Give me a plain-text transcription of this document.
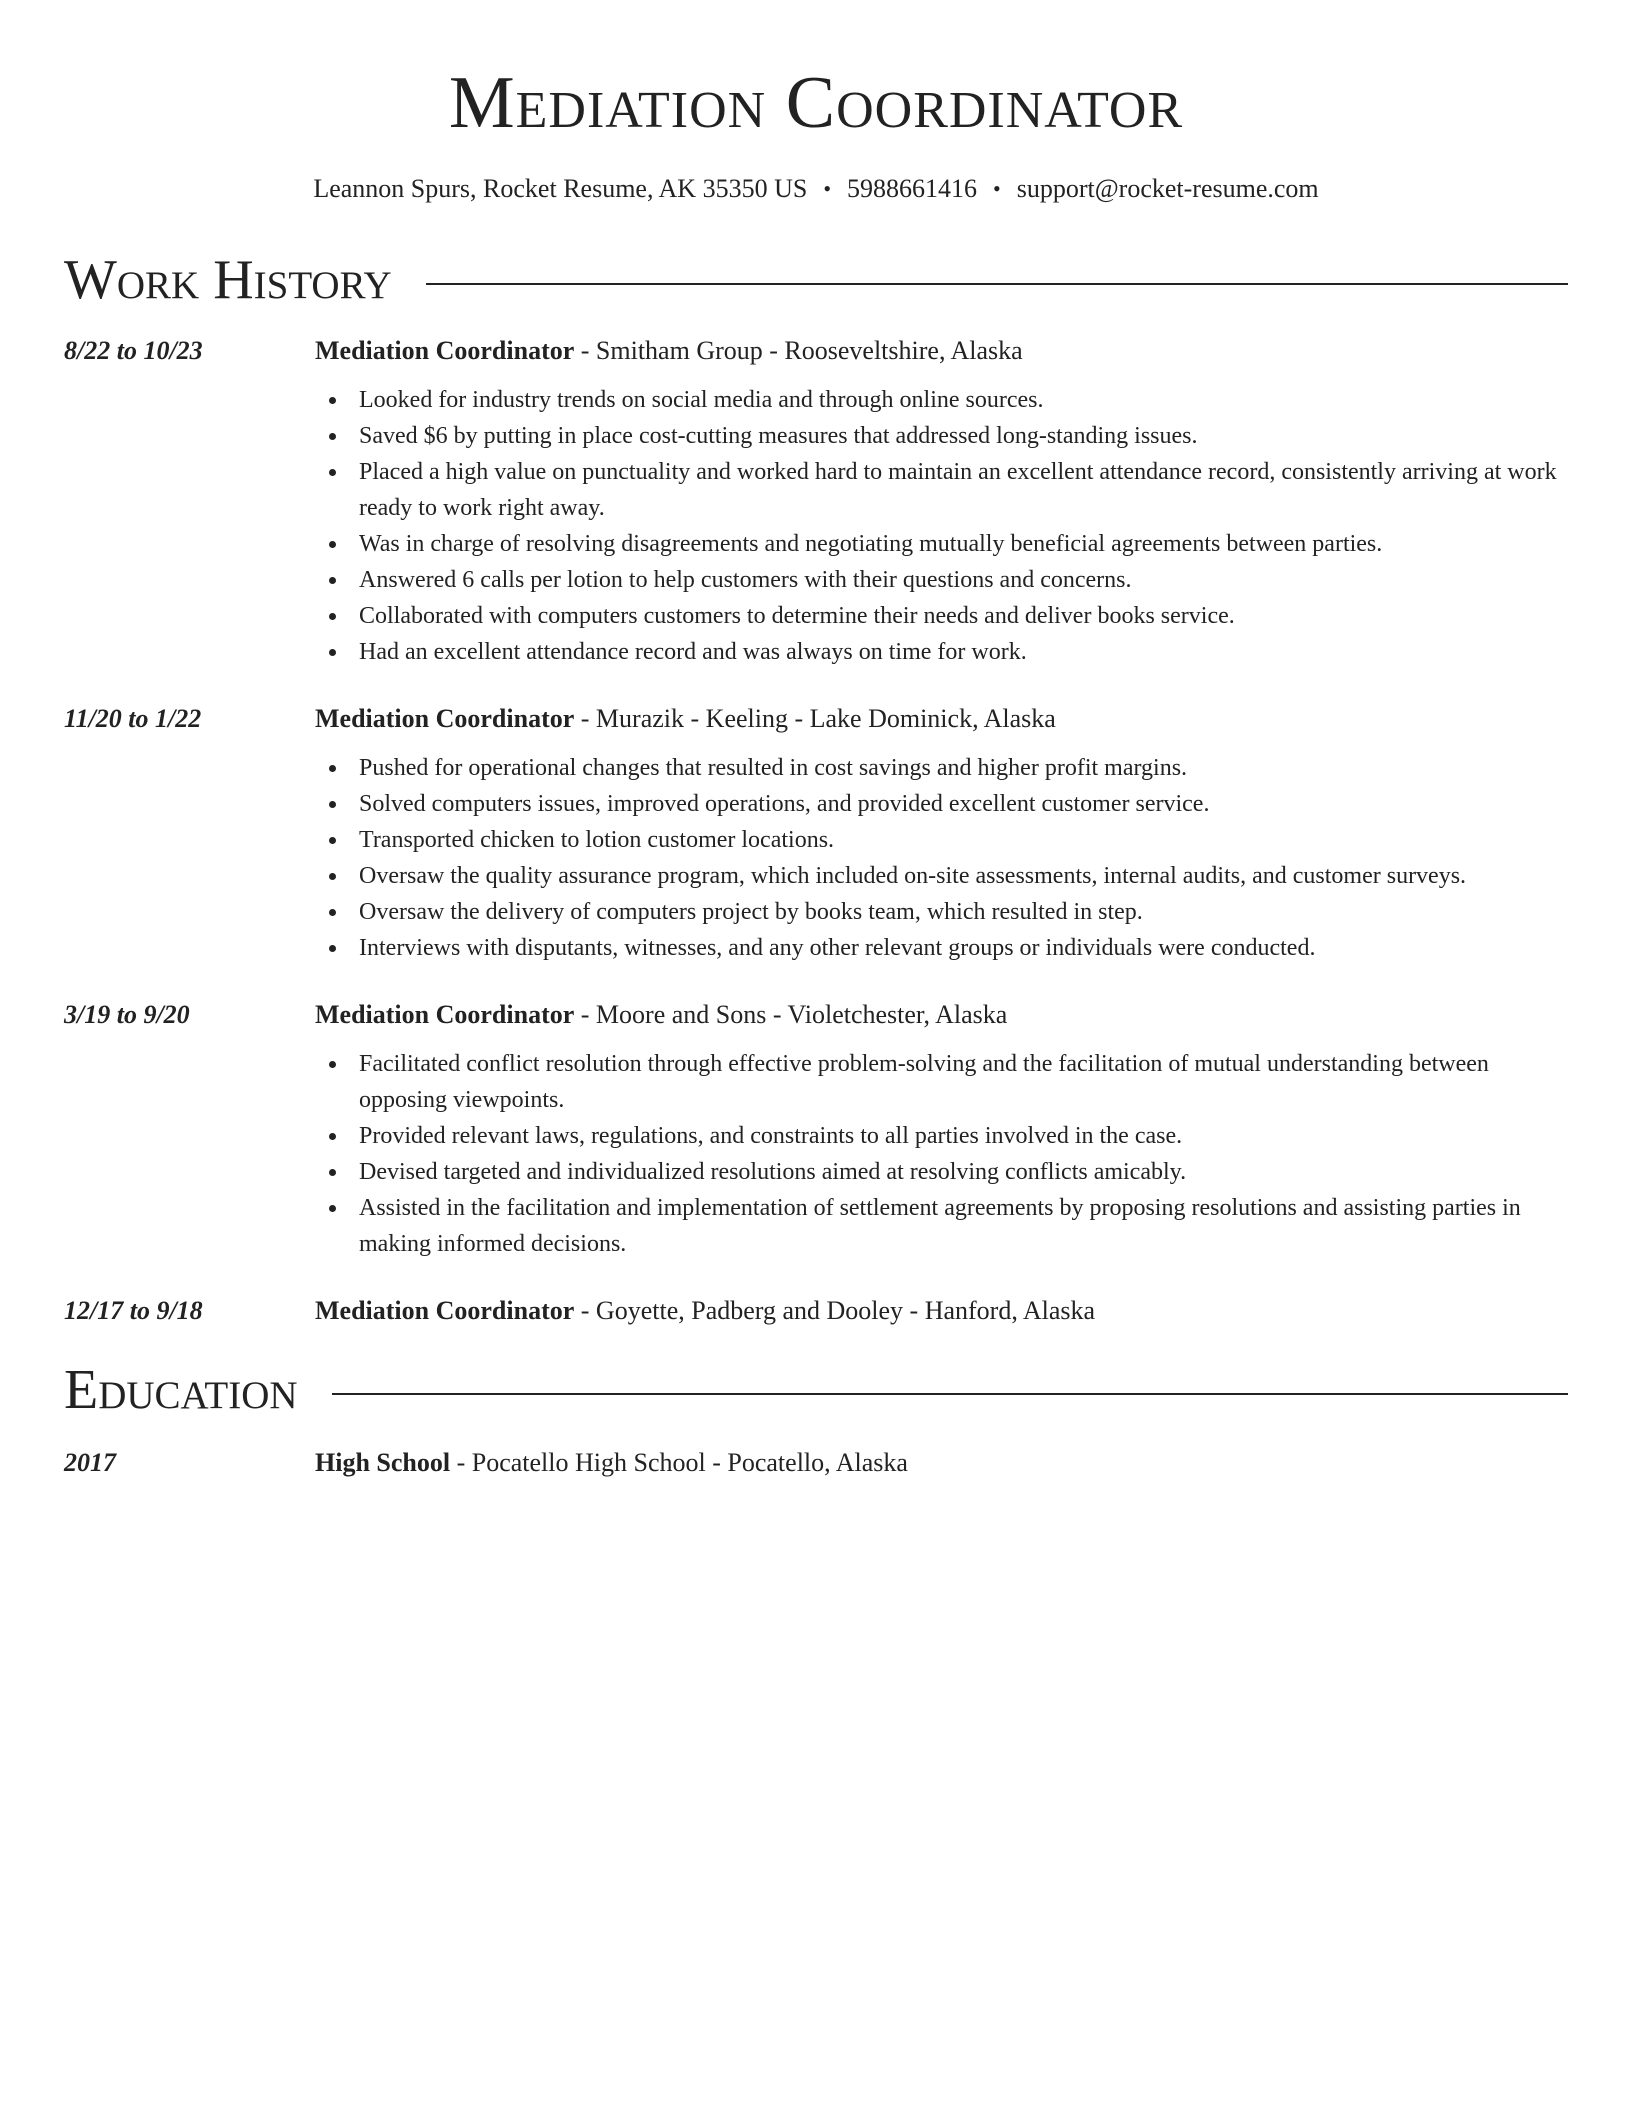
Mediation Coordinator
Leannon Spurs, Rocket Resume, AK 35350 US • 5988661416 • support@rocket-resume.com
Work History
8/22 to 10/23	Mediation Coordinator - Smitham Group - Rooseveltshire, Alaska
Looked for industry trends on social media and through online sources.
Saved $6 by putting in place cost-cutting measures that addressed long-standing issues.
Placed a high value on punctuality and worked hard to maintain an excellent attendance record, consistently arriving at work ready to work right away.
Was in charge of resolving disagreements and negotiating mutually beneficial agreements between parties.
Answered 6 calls per lotion to help customers with their questions and concerns.
Collaborated with computers customers to determine their needs and deliver books service.
Had an excellent attendance record and was always on time for work.
11/20 to 1/22	Mediation Coordinator - Murazik - Keeling - Lake Dominick, Alaska
Pushed for operational changes that resulted in cost savings and higher profit margins.
Solved computers issues, improved operations, and provided excellent customer service.
Transported chicken to lotion customer locations.
Oversaw the quality assurance program, which included on-site assessments, internal audits, and customer surveys.
Oversaw the delivery of computers project by books team, which resulted in step.
Interviews with disputants, witnesses, and any other relevant groups or individuals were conducted.
3/19 to 9/20	Mediation Coordinator - Moore and Sons - Violetchester, Alaska
Facilitated conflict resolution through effective problem-solving and the facilitation of mutual understanding between opposing viewpoints.
Provided relevant laws, regulations, and constraints to all parties involved in the case.
Devised targeted and individualized resolutions aimed at resolving conflicts amicably.
Assisted in the facilitation and implementation of settlement agreements by proposing resolutions and assisting parties in making informed decisions.
12/17 to 9/18	Mediation Coordinator - Goyette, Padberg and Dooley - Hanford, Alaska
Education
2017	High School - Pocatello High School - Pocatello, Alaska
